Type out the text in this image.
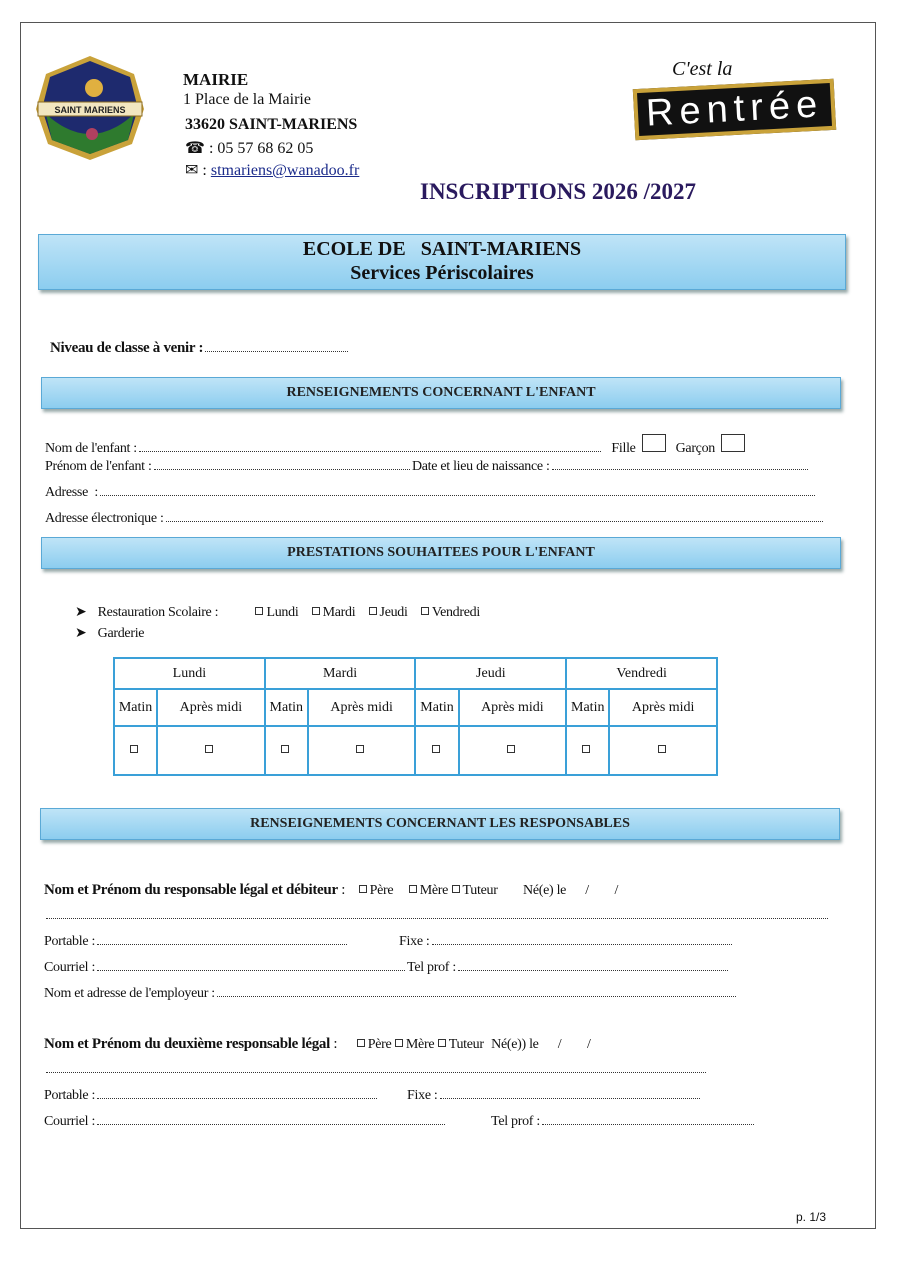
SAINT MARIENS
MAIRIE
1 Place de la Mairie
33620 SAINT-MARIENS
☎ : 05 57 68 62 05
✉ : stmariens@wanadoo.fr
C'est la
Rentrée
INSCRIPTIONS 2026 /2027
ECOLE DE   SAINT-MARIENS
Services Périscolaires
Niveau de classe à venir :
RENSEIGNEMENTS CONCERNANT L'ENFANT
Nom de l'enfant :	Fille	Garçon
Prénom de l'enfant :	Date et lieu de naissance :
Adresse  :
Adresse électronique :
PRESTATIONS SOUHAITEES POUR L'ENFANT
➤ Restauration Scolaire :	Lundi Mardi Jeudi Vendredi
➤ Garderie
Lundi		Mardi		Jeudi		Vendredi	
Matin	Après midi	Matin	Après midi	Matin	Après midi	Matin	Après midi

RENSEIGNEMENTS CONCERNANT LES RESPONSABLES
Nom et Prénom du responsable légal et débiteur : Père Mère Tuteur Né(e) le      /        /
Portable :	Fixe :
Courriel :	Tel prof :
Nom et adresse de l'employeur :
Nom et Prénom du deuxième responsable légal : Père Mère Tuteur Né(e)) le      /        /
Portable :	Fixe :
Courriel :	Tel prof :
p. 1/3
